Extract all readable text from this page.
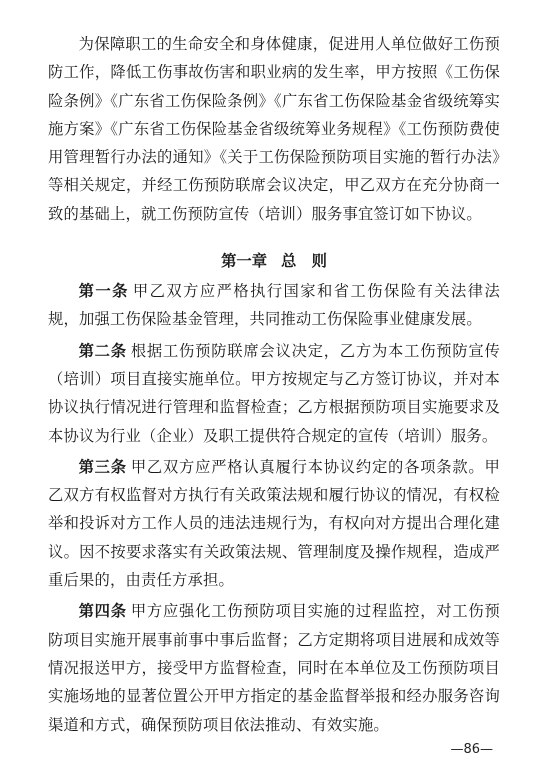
为保障职工的生命安全和身体健康，促进用人单位做好工伤预防工作，降低工伤事故伤害和职业病的发生率，甲方按照《工伤保险条例》《广东省工伤保险条例》《广东省工伤保险基金省级统筹实施方案》《广东省工伤保险基金省级统筹业务规程》《工伤预防费使用管理暂行办法的通知》《关于工伤保险预防项目实施的暂行办法》等相关规定，并经工伤预防联席会议决定，甲乙双方在充分协商一致的基础上，就工伤预防宣传（培训）服务事宜签订如下协议。

第一章 总　则

第一条 甲乙双方应严格执行国家和省工伤保险有关法律法规，加强工伤保险基金管理，共同推动工伤保险事业健康发展。

第二条 根据工伤预防联席会议决定，乙方为本工伤预防宣传（培训）项目直接实施单位。甲方按规定与乙方签订协议，并对本协议执行情况进行管理和监督检查；乙方根据预防项目实施要求及本协议为行业（企业）及职工提供符合规定的宣传（培训）服务。

第三条 甲乙双方应严格认真履行本协议约定的各项条款。甲乙双方有权监督对方执行有关政策法规和履行协议的情况，有权检举和投诉对方工作人员的违法违规行为，有权向对方提出合理化建议。因不按要求落实有关政策法规、管理制度及操作规程，造成严重后果的，由责任方承担。

第四条 甲方应强化工伤预防项目实施的过程监控，对工伤预防项目实施开展事前事中事后监督；乙方定期将项目进展和成效等情况报送甲方，接受甲方监督检查，同时在本单位及工伤预防项目实施场地的显著位置公开甲方指定的基金监督举报和经办服务咨询渠道和方式，确保预防项目依法推动、有效实施。

—86—
